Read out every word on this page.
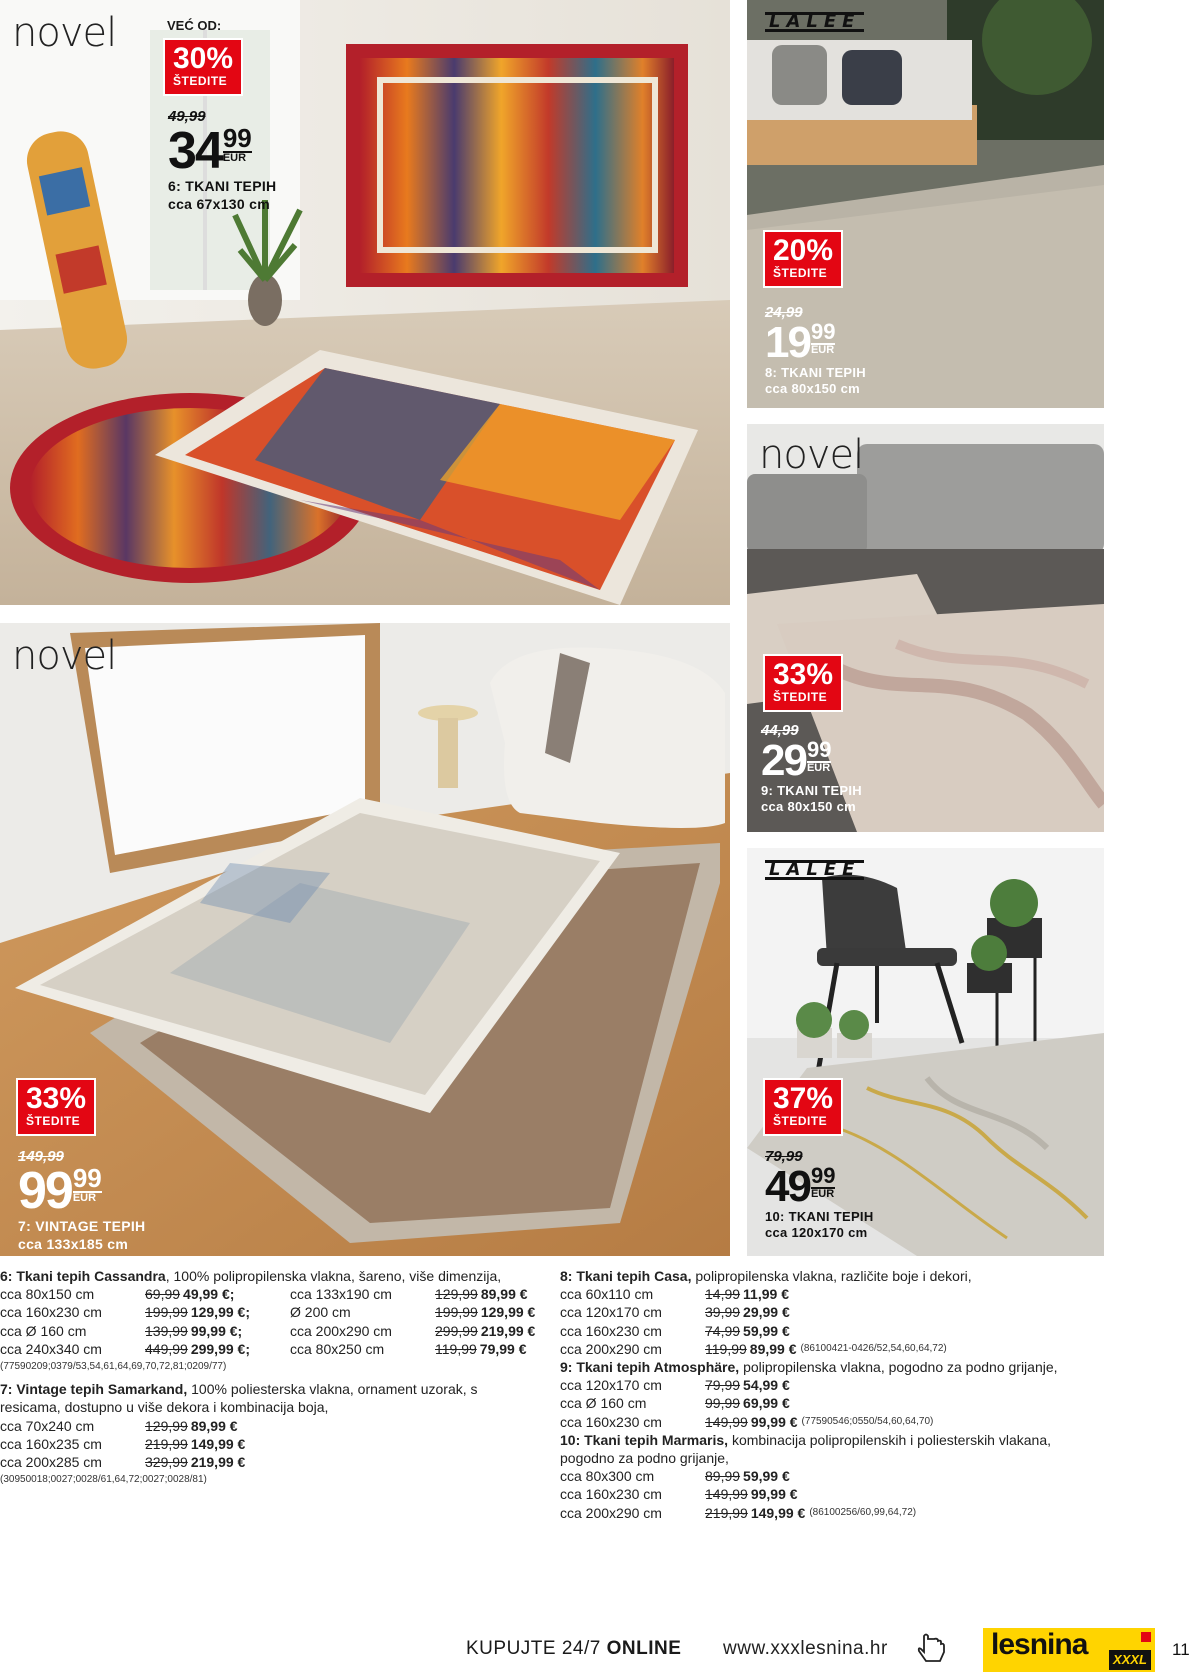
novel	VEĆ OD:
30%
ŠTEDITE
49,99
34 99
EUR
6: TKANI TEPIH
cca 67x130 cm
LALEE
20%
ŠTEDITE
24,99
19 99
EUR
8: TKANI TEPIH
cca 80x150 cm
novel
33%
ŠTEDITE
44,99
29 99
EUR
9: TKANI TEPIH
cca 80x150 cm
novel
33%
ŠTEDITE
149,99
99 99
EUR
7: VINTAGE TEPIH
cca 133x185 cm
LALEE
37%
ŠTEDITE
79,99
49 99
EUR
10: TKANI TEPIH
cca 120x170 cm
6: Tkani tepih Cassandra, 100% polipropilenska vlakna, šareno, više dimenzija,
cca 80x150 cm	69,99 49,99 €;
cca 160x230 cm	199,99 129,99 €;
cca Ø 160 cm	139,99 99,99 €;
cca 240x340 cm	449,99 299,99 €;
cca 133x190 cm	129,99 89,99 €
Ø 200 cm	199,99 129,99 €
cca 200x290 cm	299,99 219,99 €
cca 80x250 cm	119,99 79,99 €
(77590209;0379/53,54,61,64,69,70,72,81;0209/77)
7: Vintage tepih Samarkand, 100% poliesterska vlakna, ornament uzorak, s resicama, dostupno u više dekora i kombinacija boja,
cca 70x240 cm	129,99 89,99 €
cca 160x235 cm	219,99 149,99 €
cca 200x285 cm	329,99 219,99 €
(30950018;0027;0028/61,64,72;0027;0028/81)
8: Tkani tepih Casa, polipropilenska vlakna, različite boje i dekori,
cca 60x110 cm	14,99 11,99 €
cca 120x170 cm	39,99 29,99 €
cca 160x230 cm	74,99 59,99 €
cca 200x290 cm	119,99 89,99 € (86100421-0426/52,54,60,64,72)
9: Tkani tepih Atmosphäre, polipropilenska vlakna, pogodno za podno grijanje,
cca 120x170 cm	79,99 54,99 €
cca Ø 160 cm	99,99 69,99 €
cca 160x230 cm	149,99 99,99 € (77590546;0550/54,60,64,70)
10: Tkani tepih Marmaris, kombinacija polipropilenskih i poliesterskih vlakana, pogodno za podno grijanje,
cca 80x300 cm	89,99 59,99 €
cca 160x230 cm	149,99 99,99 €
cca 200x290 cm	219,99 149,99 € (86100256/60,99,64,72)
KUPUJTE 24/7 ONLINE www.xxxlesnina.hr	lesnina	XXXL
11
